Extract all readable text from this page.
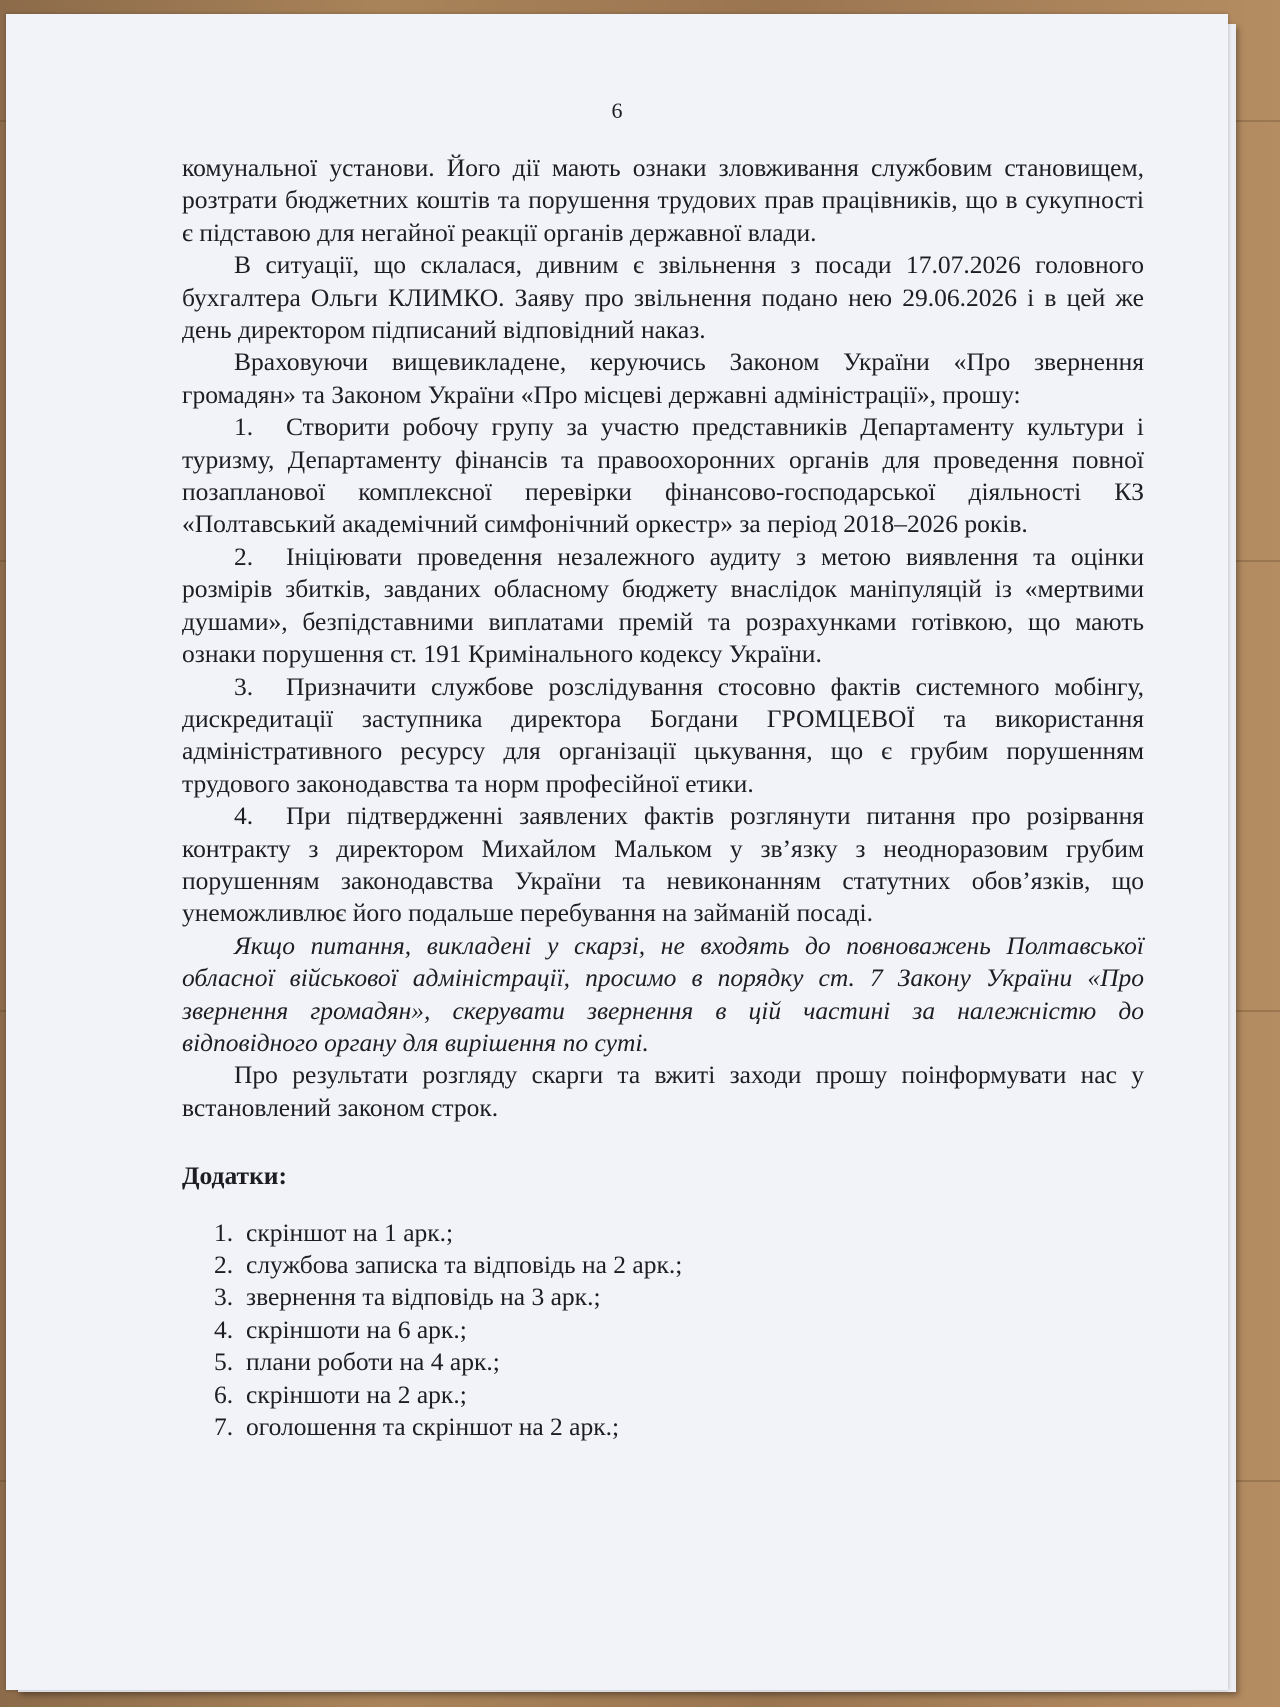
6

комунальної установи. Його дії мають ознаки зловживання службовим становищем, розтрати бюджетних коштів та порушення трудових прав працівників, що в сукупності є підставою для негайної реакції органів державної влади.

В ситуації, що склалася, дивним є звільнення з посади 17.07.2026 головного бухгалтера Ольги КЛИМКО. Заяву про звільнення подано нею 29.06.2026 і в цей же день директором підписаний відповідний наказ.

Враховуючи вищевикладене, керуючись Законом України «Про звернення громадян» та Законом України «Про місцеві державні адміністрації», прошу:

1. Створити робочу групу за участю представників Департаменту культури і туризму, Департаменту фінансів та правоохоронних органів для проведення повної позапланової комплексної перевірки фінансово-господарської діяльності КЗ «Полтавський академічний симфонічний оркестр» за період 2018–2026 років.

2. Ініціювати проведення незалежного аудиту з метою виявлення та оцінки розмірів збитків, завданих обласному бюджету внаслідок маніпуляцій із «мертвими душами», безпідставними виплатами премій та розрахунками готівкою, що мають ознаки порушення ст. 191 Кримінального кодексу України.

3. Призначити службове розслідування стосовно фактів системного мобінгу, дискредитації заступника директора Богдани ГРОМЦЕВОЇ та використання адміністративного ресурсу для організації цькування, що є грубим порушенням трудового законодавства та норм професійної етики.

4. При підтвердженні заявлених фактів розглянути питання про розірвання контракту з директором Михайлом Мальком у зв’язку з неодноразовим грубим порушенням законодавства України та невиконанням статутних обов’язків, що унеможливлює його подальше перебування на займаній посаді.

Якщо питання, викладені у скарзі, не входять до повноважень Полтавської обласної військової адміністрації, просимо в порядку ст. 7 Закону України «Про звернення громадян», скерувати звернення в цій частині за належністю до відповідного органу для вирішення по суті.

Про результати розгляду скарги та вжиті заходи прошу поінформувати нас у встановлений законом строк.

Додатки:

1. скріншот на 1 арк.;
2. службова записка та відповідь на 2 арк.;
3. звернення та відповідь на 3 арк.;
4. скріншоти на 6 арк.;
5. плани роботи на 4 арк.;
6. скріншоти на 2 арк.;
7. оголошення та скріншот на 2 арк.;
